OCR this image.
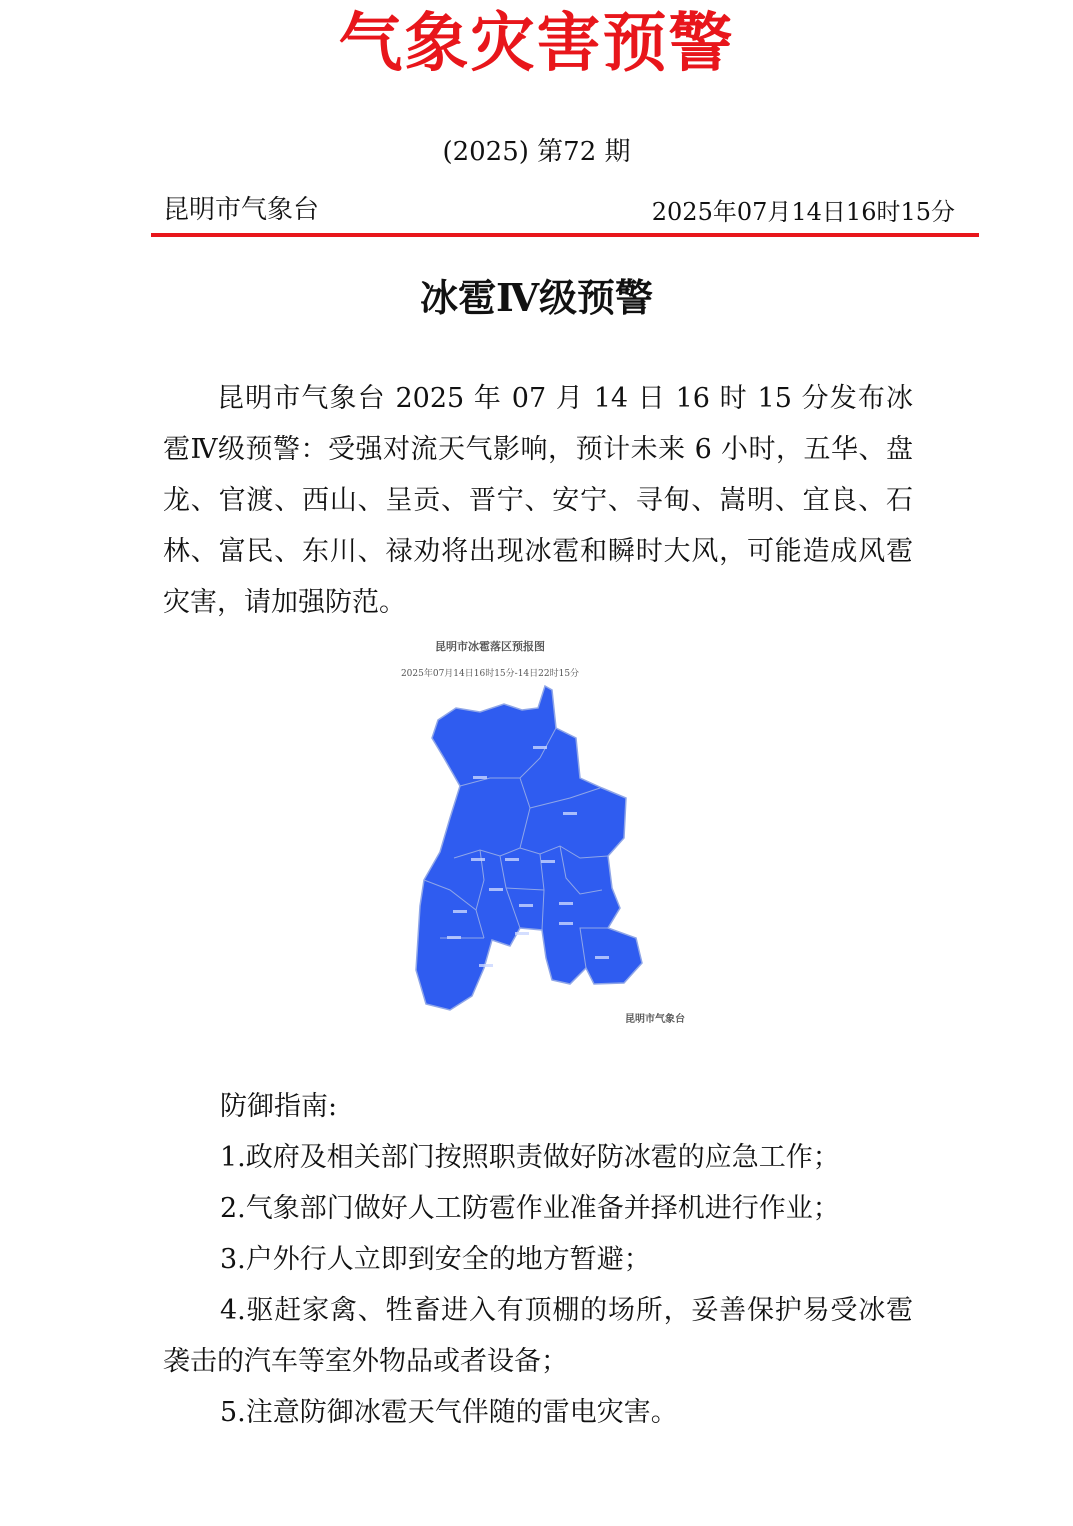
气象灾害预警
(2025) 第72 期
昆明市气象台	2025年07月14日16时15分
冰雹Ⅳ级预警

昆明市气象台 2025 年 07 月 14 日 16 时 15 分发布冰雹Ⅳ级预警：受强对流天气影响，预计未来 6 小时，五华、盘龙、官渡、西山、呈贡、晋宁、安宁、寻甸、嵩明、宜良、石林、富民、东川、禄劝将出现冰雹和瞬时大风，可能造成风雹灾害，请加强防范。

昆明市冰雹落区预报图
2025年07月14日16时15分-14日22时15分
昆明市气象台
防御指南:
1.政府及相关部门按照职责做好防冰雹的应急工作；
2.气象部门做好人工防雹作业准备并择机进行作业；
3.户外行人立即到安全的地方暂避；
4.驱赶家禽、牲畜进入有顶棚的场所，妥善保护易受冰雹袭击的汽车等室外物品或者设备；
5.注意防御冰雹天气伴随的雷电灾害。
